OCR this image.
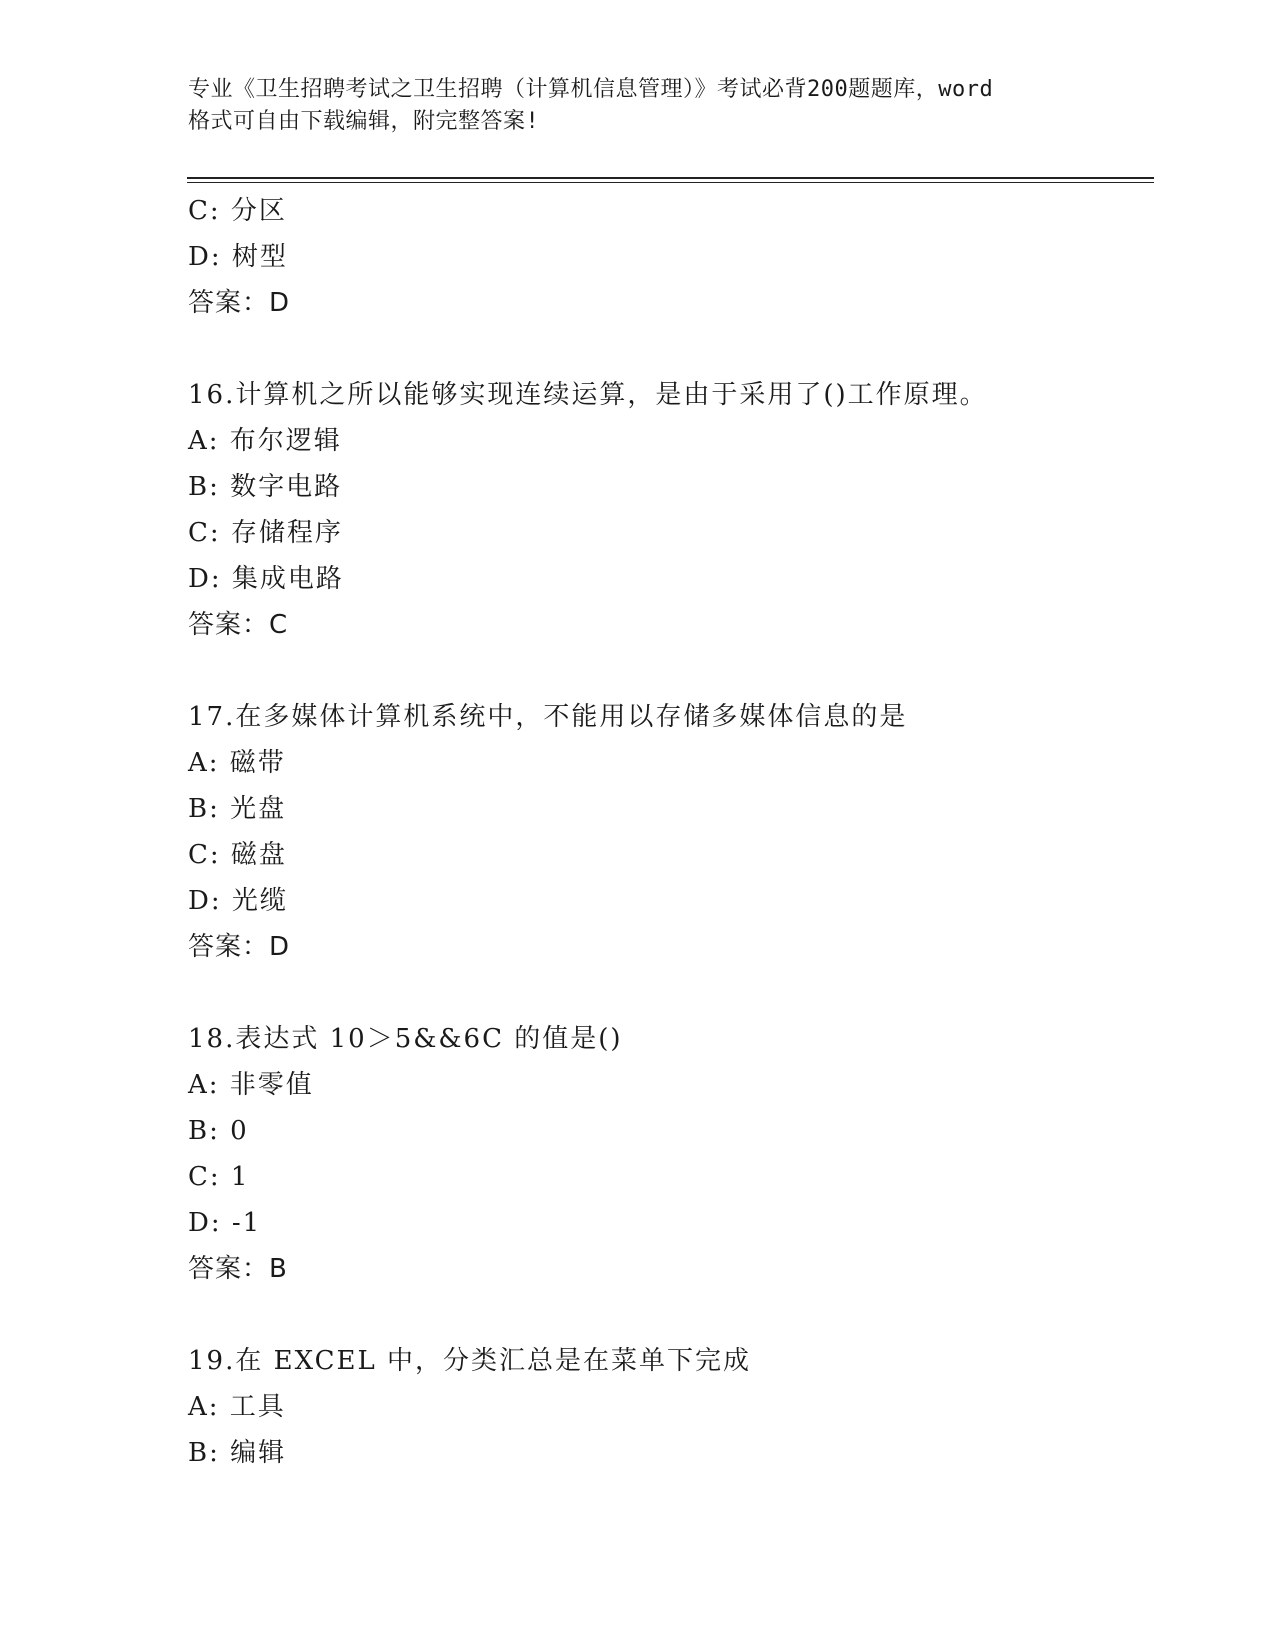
专业《卫生招聘考试之卫生招聘（计算机信息管理）》考试必背200题题库，word
格式可自由下载编辑，附完整答案!
C: 分区
D: 树型
答案：D
16.计算机之所以能够实现连续运算，是由于采用了()工作原理。
A: 布尔逻辑
B: 数字电路
C: 存储程序
D: 集成电路
答案：C
17.在多媒体计算机系统中，不能用以存储多媒体信息的是
A: 磁带
B: 光盘
C: 磁盘
D: 光缆
答案：D
18.表达式 10＞5&&6C 的值是()
A: 非零值
B: 0
C: 1
D: -1
答案：B
19.在 EXCEL 中，分类汇总是在菜单下完成
A: 工具
B: 编辑
